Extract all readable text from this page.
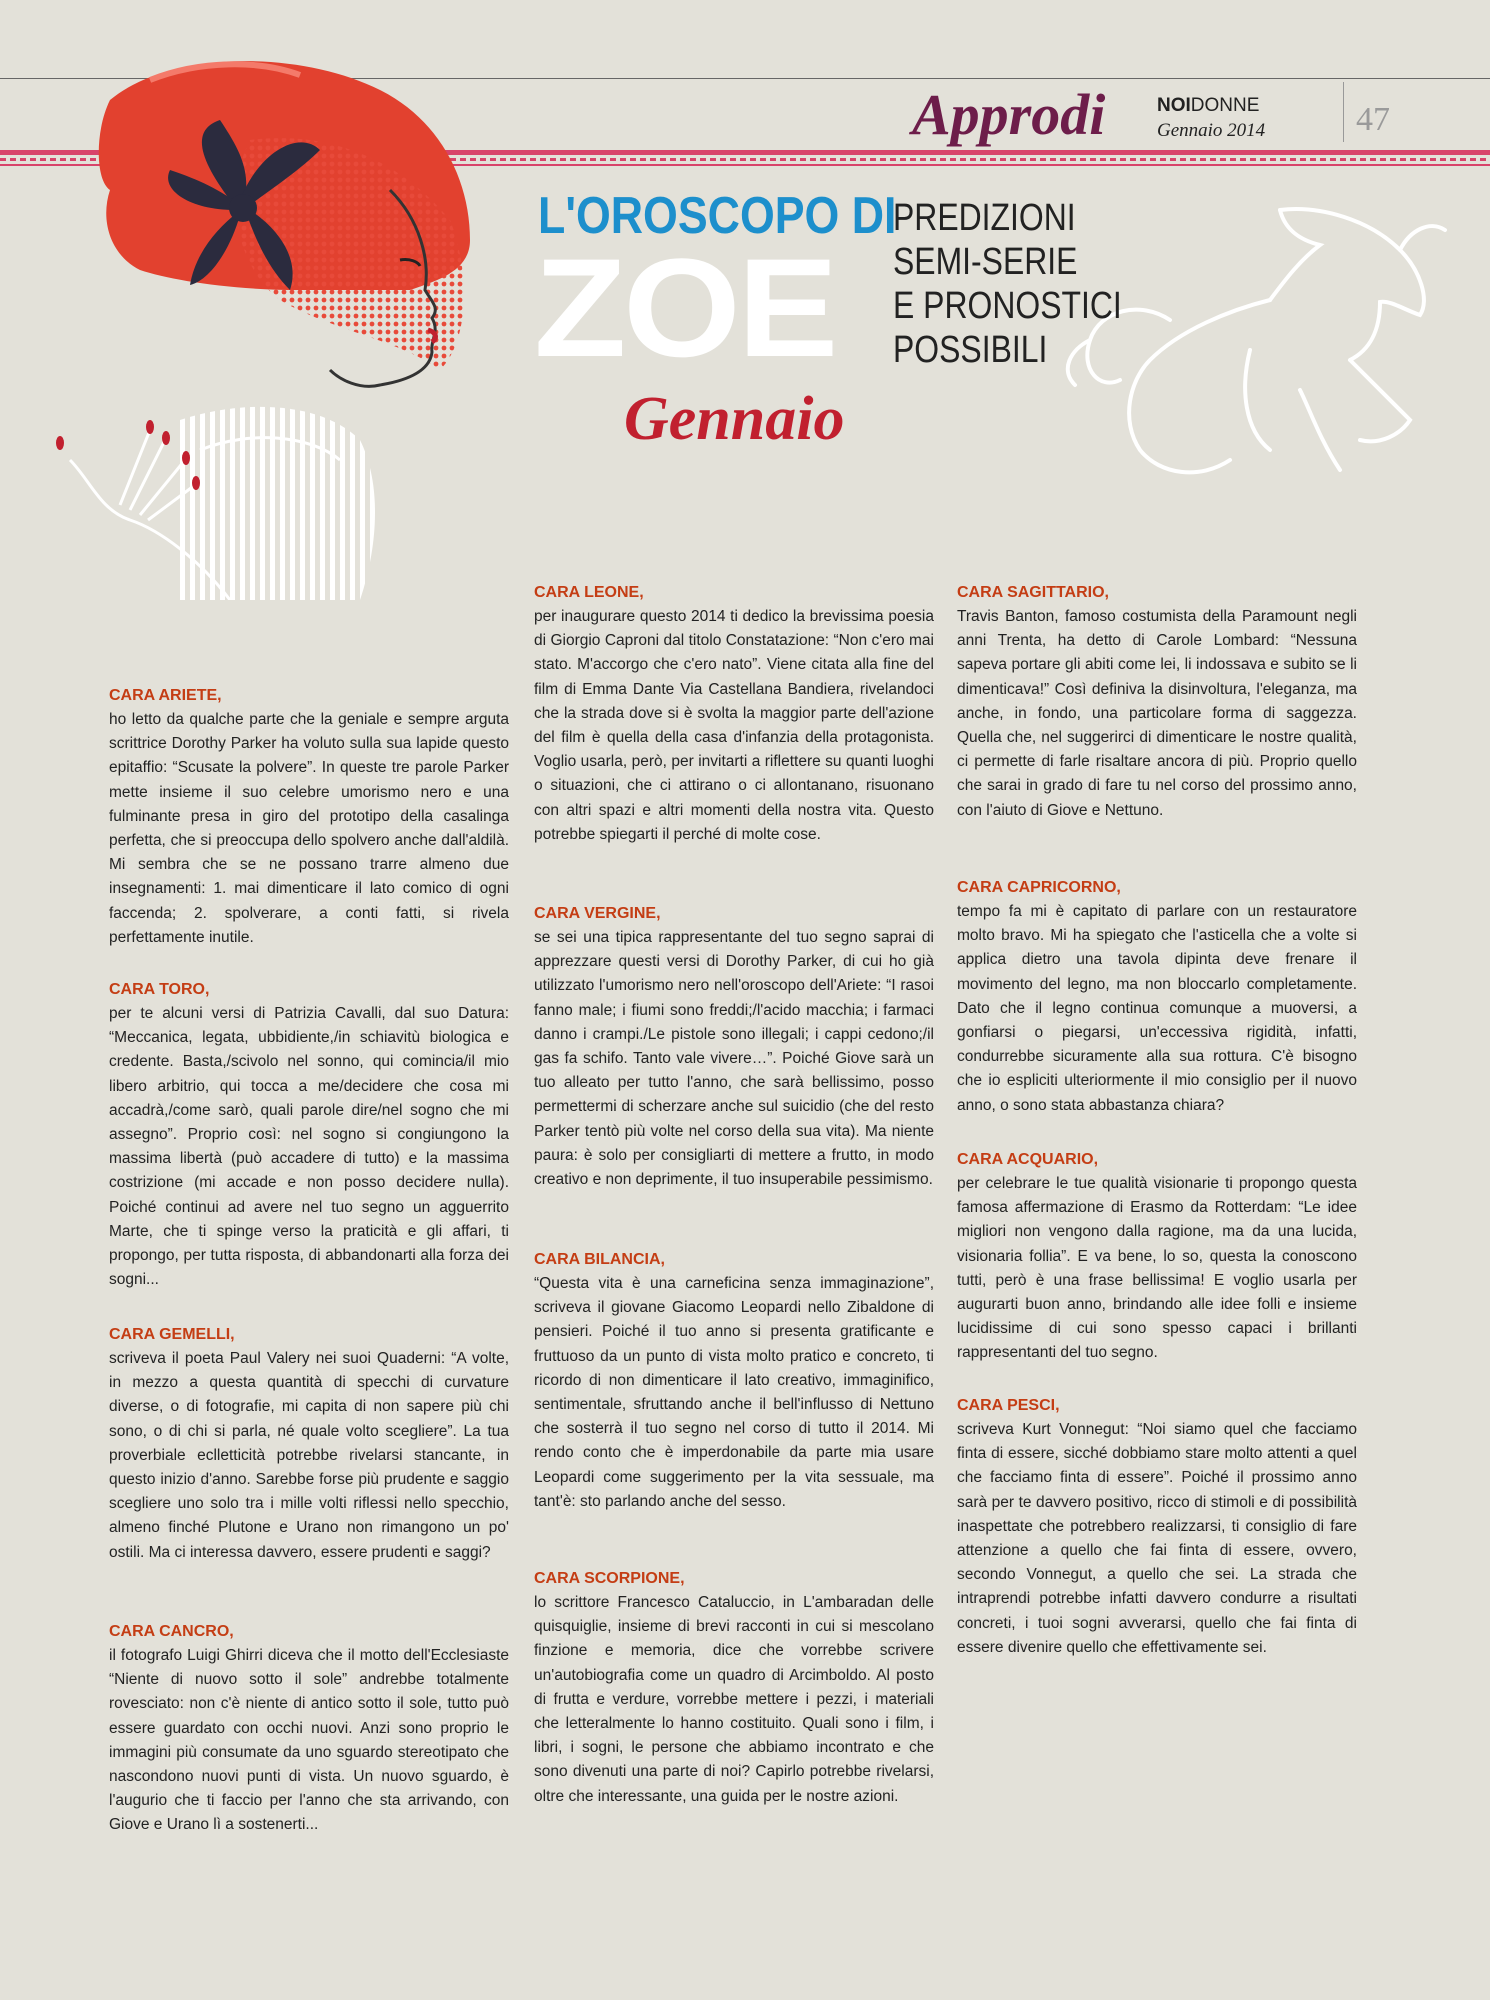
Approdi	NOIDONNE
Gennaio 2014	47
L'OROSCOPO DI
ZOE
Gennaio
PREDIZIONI
SEMI-SERIE
E PRONOSTICI
POSSIBILI
CARA ARIETE,

ho letto da qualche parte che la geniale e sempre arguta scrittrice Dorothy Parker ha voluto sulla sua lapide questo epitaffio: “Scusate la polvere”. In queste tre parole Parker mette insieme il suo celebre umorismo nero e una fulminante presa in giro del prototipo della casalinga perfetta, che si preoccupa dello spolvero anche dall'aldilà. Mi sembra che se ne possano trarre almeno due insegnamenti: 1. mai dimenticare il lato comico di ogni faccenda; 2. spolverare, a conti fatti, si rivela perfettamente inutile.

CARA TORO,

per te alcuni versi di Patrizia Cavalli, dal suo Datura: “Meccanica, legata, ubbidiente,/in schiavitù biologica e credente. Basta,/scivolo nel sonno, qui comincia/il mio libero arbitrio, qui tocca a me/decidere che cosa mi accadrà,/come sarò, quali parole dire/nel sogno che mi assegno”. Proprio così: nel sogno si congiungono la massima libertà (può accadere di tutto) e la massima costrizione (mi accade e non posso decidere nulla). Poiché continui ad avere nel tuo segno un agguerrito Marte, che ti spinge verso la praticità e gli affari, ti propongo, per tutta risposta, di abbandonarti alla forza dei sogni...

CARA GEMELLI,

scriveva il poeta Paul Valery nei suoi Quaderni: “A volte, in mezzo a questa quantità di specchi di curvature diverse, o di fotografie, mi capita di non sapere più chi sono, o di chi si parla, né quale volto scegliere”. La tua proverbiale eclletticità potrebbe rivelarsi stancante, in questo inizio d'anno. Sarebbe forse più prudente e saggio scegliere uno solo tra i mille volti riflessi nello specchio, almeno finché Plutone e Urano non rimangono un po' ostili. Ma ci interessa davvero, essere prudenti e saggi?

CARA CANCRO,

il fotografo Luigi Ghirri diceva che il motto dell'Ecclesiaste “Niente di nuovo sotto il sole” andrebbe totalmente rovesciato: non c'è niente di antico sotto il sole, tutto può essere guardato con occhi nuovi. Anzi sono proprio le immagini più consumate da uno sguardo stereotipato che nascondono nuovi punti di vista. Un nuovo sguardo, è l'augurio che ti faccio per l'anno che sta arrivando, con Giove e Urano lì a sostenerti...

CARA LEONE,

per inaugurare questo 2014 ti dedico la brevissima poesia di Giorgio Caproni dal titolo Constatazione: “Non c'ero mai stato. M'accorgo che c'ero nato”. Viene citata alla fine del film di Emma Dante Via Castellana Bandiera, rivelandoci che la strada dove si è svolta la maggior parte dell'azione del film è quella della casa d'infanzia della protagonista. Voglio usarla, però, per invitarti a riflettere su quanti luoghi o situazioni, che ci attirano o ci allontanano, risuonano con altri spazi e altri momenti della nostra vita. Questo potrebbe spiegarti il perché di molte cose.

CARA VERGINE,

se sei una tipica rappresentante del tuo segno saprai di apprezzare questi versi di Dorothy Parker, di cui ho già utilizzato l'umorismo nero nell'oroscopo dell'Ariete: “I rasoi fanno male; i fiumi sono freddi;/l'acido macchia; i farmaci danno i crampi./Le pistole sono illegali; i cappi cedono;/il gas fa schifo. Tanto vale vivere…”. Poiché Giove sarà un tuo alleato per tutto l'anno, che sarà bellissimo, posso permettermi di scherzare anche sul suicidio (che del resto Parker tentò più volte nel corso della sua vita). Ma niente paura: è solo per consigliarti di mettere a frutto, in modo creativo e non deprimente, il tuo insuperabile pessimismo.

CARA BILANCIA,

“Questa vita è una carneficina senza immaginazione”, scriveva il giovane Giacomo Leopardi nello Zibaldone di pensieri. Poiché il tuo anno si presenta gratificante e fruttuoso da un punto di vista molto pratico e concreto, ti ricordo di non dimenticare il lato creativo, immaginifico, sentimentale, sfruttando anche il bell'influsso di Nettuno che sosterrà il tuo segno nel corso di tutto il 2014. Mi rendo conto che è imperdonabile da parte mia usare Leopardi come suggerimento per la vita sessuale, ma tant'è: sto parlando anche del sesso.

CARA SCORPIONE,

lo scrittore Francesco Cataluccio, in L'ambaradan delle quisquiglie, insieme di brevi racconti in cui si mescolano finzione e memoria, dice che vorrebbe scrivere un'autobiografia come un quadro di Arcimboldo. Al posto di frutta e verdure, vorrebbe mettere i pezzi, i materiali che letteralmente lo hanno costituito. Quali sono i film, i libri, i sogni, le persone che abbiamo incontrato e che sono divenuti una parte di noi? Capirlo potrebbe rivelarsi, oltre che interessante, una guida per le nostre azioni.

CARA SAGITTARIO,

Travis Banton, famoso costumista della Paramount negli anni Trenta, ha detto di Carole Lombard: “Nessuna sapeva portare gli abiti come lei, li indossava e subito se li dimenticava!” Così definiva la disinvoltura, l'eleganza, ma anche, in fondo, una particolare forma di saggezza. Quella che, nel suggerirci di dimenticare le nostre qualità, ci permette di farle risaltare ancora di più. Proprio quello che sarai in grado di fare tu nel corso del prossimo anno, con l'aiuto di Giove e Nettuno.

CARA CAPRICORNO,

tempo fa mi è capitato di parlare con un restauratore molto bravo. Mi ha spiegato che l'asticella che a volte si applica dietro una tavola dipinta deve frenare il movimento del legno, ma non bloccarlo completamente. Dato che il legno continua comunque a muoversi, a gonfiarsi o piegarsi, un'eccessiva rigidità, infatti, condurrebbe sicuramente alla sua rottura. C'è bisogno che io espliciti ulteriormente il mio consiglio per il nuovo anno, o sono stata abbastanza chiara?

CARA ACQUARIO,

per celebrare le tue qualità visionarie ti propongo questa famosa affermazione di Erasmo da Rotterdam: “Le idee migliori non vengono dalla ragione, ma da una lucida, visionaria follia”. E va bene, lo so, questa la conoscono tutti, però è una frase bellissima! E voglio usarla per augurarti buon anno, brindando alle idee folli e insieme lucidissime di cui sono spesso capaci i brillanti rappresentanti del tuo segno.

CARA PESCI,

scriveva Kurt Vonnegut: “Noi siamo quel che facciamo finta di essere, sicché dobbiamo stare molto attenti a quel che facciamo finta di essere”. Poiché il prossimo anno sarà per te davvero positivo, ricco di stimoli e di possibilità inaspettate che potrebbero realizzarsi, ti consiglio di fare attenzione a quello che fai finta di essere, ovvero, secondo Vonnegut, a quello che sei. La strada che intraprendi potrebbe infatti davvero condurre a risultati concreti, i tuoi sogni avverarsi, quello che fai finta di essere divenire quello che effettivamente sei.
